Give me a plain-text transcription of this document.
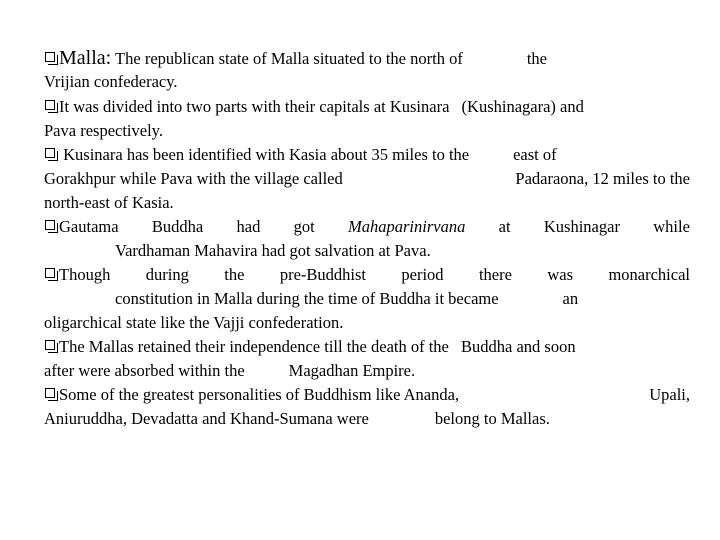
Malla: The republican state of Malla situated to the north of	the
Vrijian confederacy.
It was divided into two parts with their capitals at Kusinara (Kushinagara) and
Pava respectively.
Kusinara has been identified with Kasia about 35 miles to the	east of
Gorakhpur while Pava with the village called	Padaraona, 12 miles to the
north-east of Kasia.
Gautama Buddha had got Mahaparinirvana at Kushinagar while
Vardhaman Mahavira had got salvation at Pava.
Though during the pre-Buddhist period there was monarchical
constitution in Malla during the time of Buddha it became	an
oligarchical state like the Vajji confederation.
The Mallas retained their independence till the death of the Buddha and soon
after were absorbed within the	Magadhan Empire.
Some of the greatest personalities of Buddhism like Ananda,	Upali,
Aniuruddha, Devadatta and Khand-Sumana were	belong to Mallas.
